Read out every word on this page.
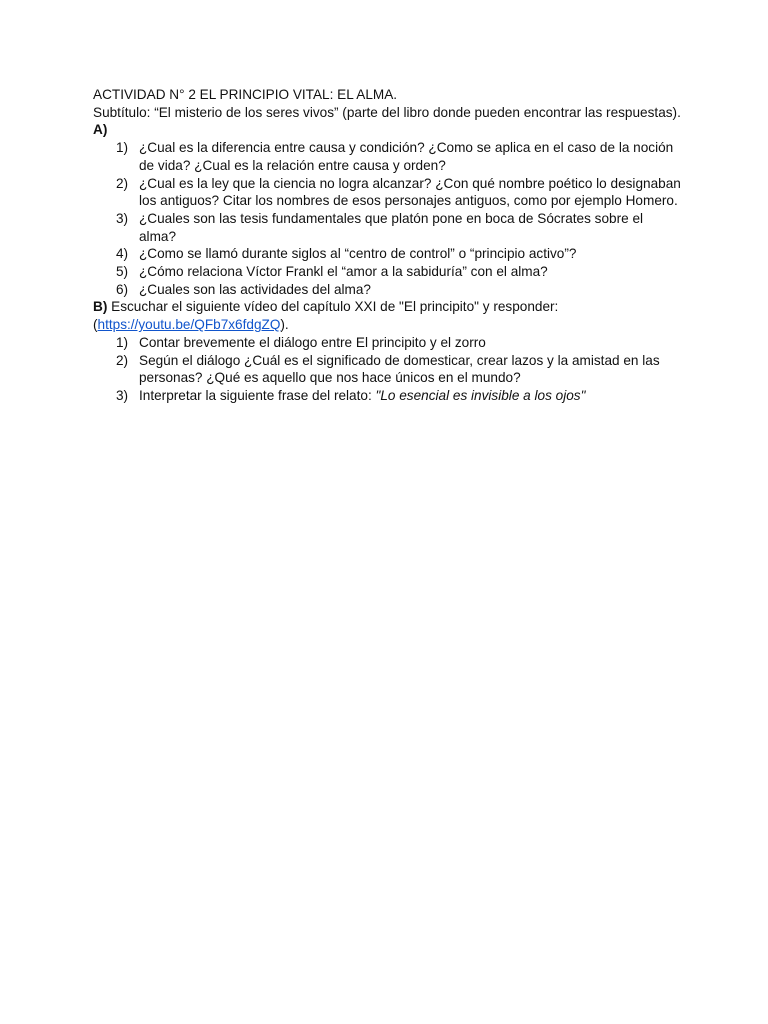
ACTIVIDAD N° 2 EL PRINCIPIO VITAL: EL ALMA.

Subtítulo: “El misterio de los seres vivos” (parte del libro donde pueden encontrar las respuestas).

A)

1) ¿Cual es la diferencia entre causa y condición? ¿Como se aplica en el caso de la noción de vida? ¿Cual es la relación entre causa y orden?
2) ¿Cual es la ley que la ciencia no logra alcanzar? ¿Con qué nombre poético lo designaban los antiguos? Citar los nombres de esos personajes antiguos, como por ejemplo Homero.
3) ¿Cuales son las tesis fundamentales que platón pone en boca de Sócrates sobre el alma?
4) ¿Como se llamó durante siglos al “centro de control” o “principio activo”?
5) ¿Cómo relaciona Víctor Frankl el “amor a la sabiduría” con el alma?
6) ¿Cuales son las actividades del alma?

B) Escuchar el siguiente vídeo del capítulo XXI de "El principito" y responder:

(https://youtu.be/QFb7x6fdgZQ).

1) Contar brevemente el diálogo entre El principito y el zorro
2) Según el diálogo ¿Cuál es el significado de domesticar, crear lazos y la amistad en las personas? ¿Qué es aquello que nos hace únicos en el mundo?
3) Interpretar la siguiente frase del relato: "Lo esencial es invisible a los ojos"
